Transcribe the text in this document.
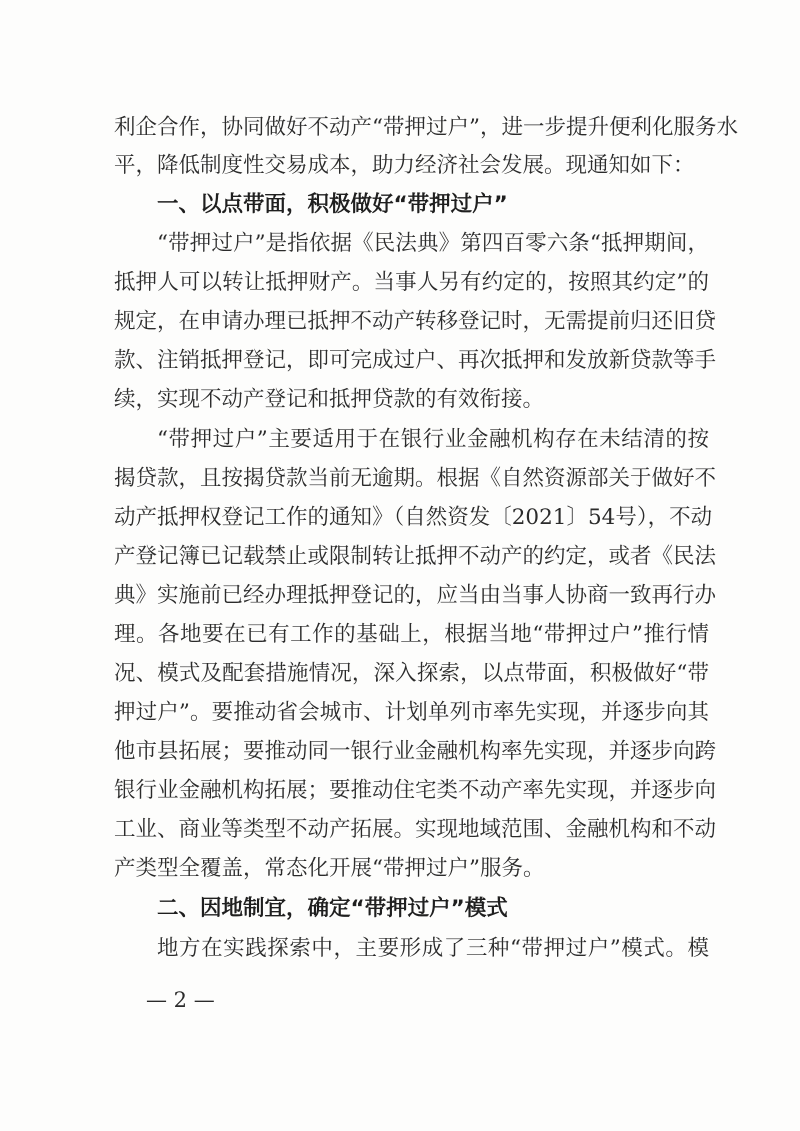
利企合作，协同做好不动产“带押过户”，进一步提升便利化服务水
平，降低制度性交易成本，助力经济社会发展。现通知如下：
一、以点带面，积极做好“带押过户”
“带押过户”是指依据《民法典》第四百零六条“抵押期间，
抵押人可以转让抵押财产。当事人另有约定的，按照其约定”的
规定，在申请办理已抵押不动产转移登记时，无需提前归还旧贷
款、注销抵押登记，即可完成过户、再次抵押和发放新贷款等手
续，实现不动产登记和抵押贷款的有效衔接。
“带押过户”主要适用于在银行业金融机构存在未结清的按
揭贷款，且按揭贷款当前无逾期。根据《自然资源部关于做好不
动产抵押权登记工作的通知》（自然资发〔2021〕54号），不动
产登记簿已记载禁止或限制转让抵押不动产的约定，或者《民法
典》实施前已经办理抵押登记的，应当由当事人协商一致再行办
理。各地要在已有工作的基础上，根据当地“带押过户”推行情
况、模式及配套措施情况，深入探索，以点带面，积极做好“带
押过户”。要推动省会城市、计划单列市率先实现，并逐步向其
他市县拓展；要推动同一银行业金融机构率先实现，并逐步向跨
银行业金融机构拓展；要推动住宅类不动产率先实现，并逐步向
工业、商业等类型不动产拓展。实现地域范围、金融机构和不动
产类型全覆盖，常态化开展“带押过户”服务。
二、因地制宜，确定“带押过户”模式
地方在实践探索中，主要形成了三种“带押过户”模式。模
— 2 —
